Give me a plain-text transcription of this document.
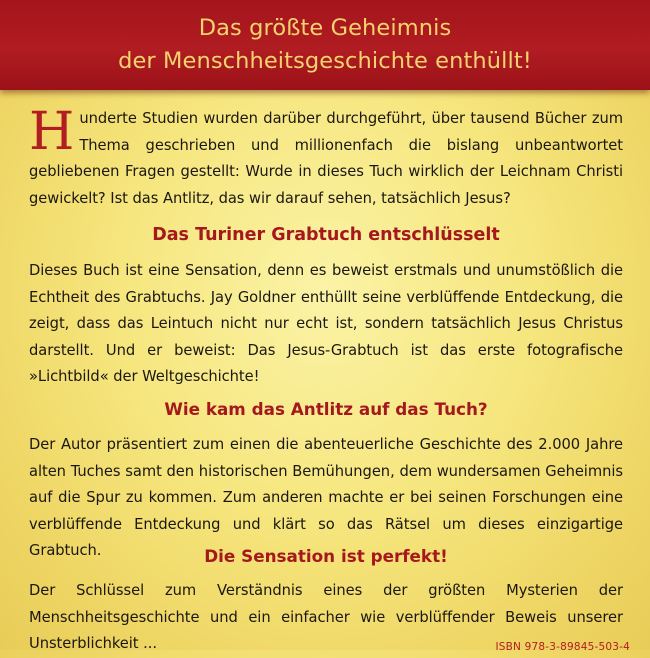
Das größte Geheimnis
der Menschheitsgeschichte enthüllt!
H underte Studien wurden darüber durchgeführt, über tausend Bücher zum Thema geschrieben und millionenfach die bislang unbeantwortet gebliebenen Fragen gestellt: Wurde in dieses Tuch wirklich der Leichnam Christi gewickelt? Ist das Antlitz, das wir darauf sehen, tatsächlich Jesus?

Das Turiner Grabtuch entschlüsselt

Dieses Buch ist eine Sensation, denn es beweist erstmals und unumstößlich die Echtheit des Grabtuchs. Jay Goldner enthüllt seine verblüffende Entdeckung, die zeigt, dass das Leintuch nicht nur echt ist, sondern tatsächlich Jesus Christus darstellt. Und er beweist: Das Jesus-Grabtuch ist das erste fotografische »Lichtbild« der Weltgeschichte!

Wie kam das Antlitz auf das Tuch?

Der Autor präsentiert zum einen die abenteuerliche Geschichte des 2.000 Jahre alten Tuches samt den historischen Bemühungen, dem wundersamen Geheimnis auf die Spur zu kommen. Zum anderen machte er bei seinen Forschungen eine verblüffende Entdeckung und klärt so das Rätsel um dieses einzigartige Grabtuch.	Die Sensation ist perfekt!

Der Schlüssel zum Verständnis eines der größten Mysterien der Menschheitsgeschichte und ein einfacher wie verblüffender Beweis unserer Unsterblichkeit ...	ISBN 978-3-89845-503-4
